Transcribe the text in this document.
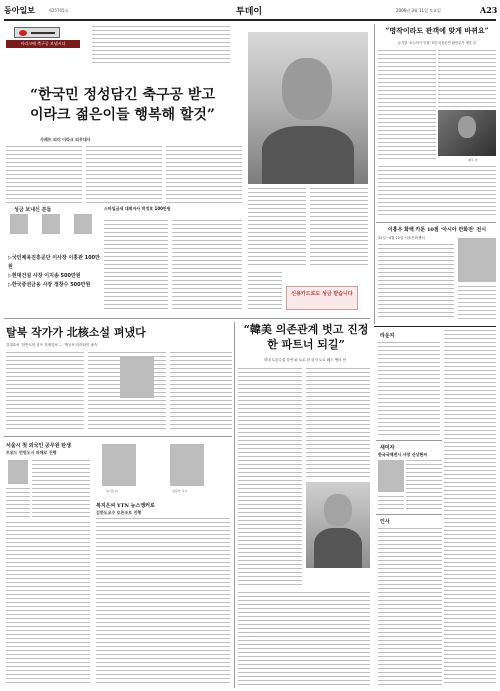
동아일보	제25705호	투데이	2006년 3월 11일 토요일	A23
이라크에 축구공 보냅시다
“한국민 정성담긴 축구공 받고 이라크 젊은이들 행복해 할것”
사례트 피더 이라크 외무대사
성금 보내신 분들
▷국민체육진흥공단 이사장 이홍관 100만원
▷현대건설 사장 이지송 500만원
▷한국증권금융 사장 정창수 500만원
스마일금새 대회자사 박정호 100만원
신용카드로도 성금 받습니다
탈북 작가가 北核소설 펴냈다
김대호씨 ‘한반도의 알프 전쟁일보’… ‘핵공포 리어타이 팡숙’
서울시 첫 외국인 공무원 탄생
트위드 빈빙도시 파해로 진행
복지은씨	김승한 교수
복지은씨 YTN 뉴스앵커로
김한도교수 토론조토 진행
“韓美 의존관계 벗고 진정한 파트너 되길”
미대 토론수업 강연 퍼 토로 한 한지 토로 웨스 앤더 선
“명작이라도 관객에 맞게 바뀌요”
뮤지컬 ‘호두까기 인형’ 5일 서울공연 촬안무가 제후 본
제후 본
이홍우 화백 카툰 10점 ‘아시아 만화전’ 전시
31일~4월 12일 서울문화센터
라운지
새미자
한국국제전시 사장 신상현씨
인사
